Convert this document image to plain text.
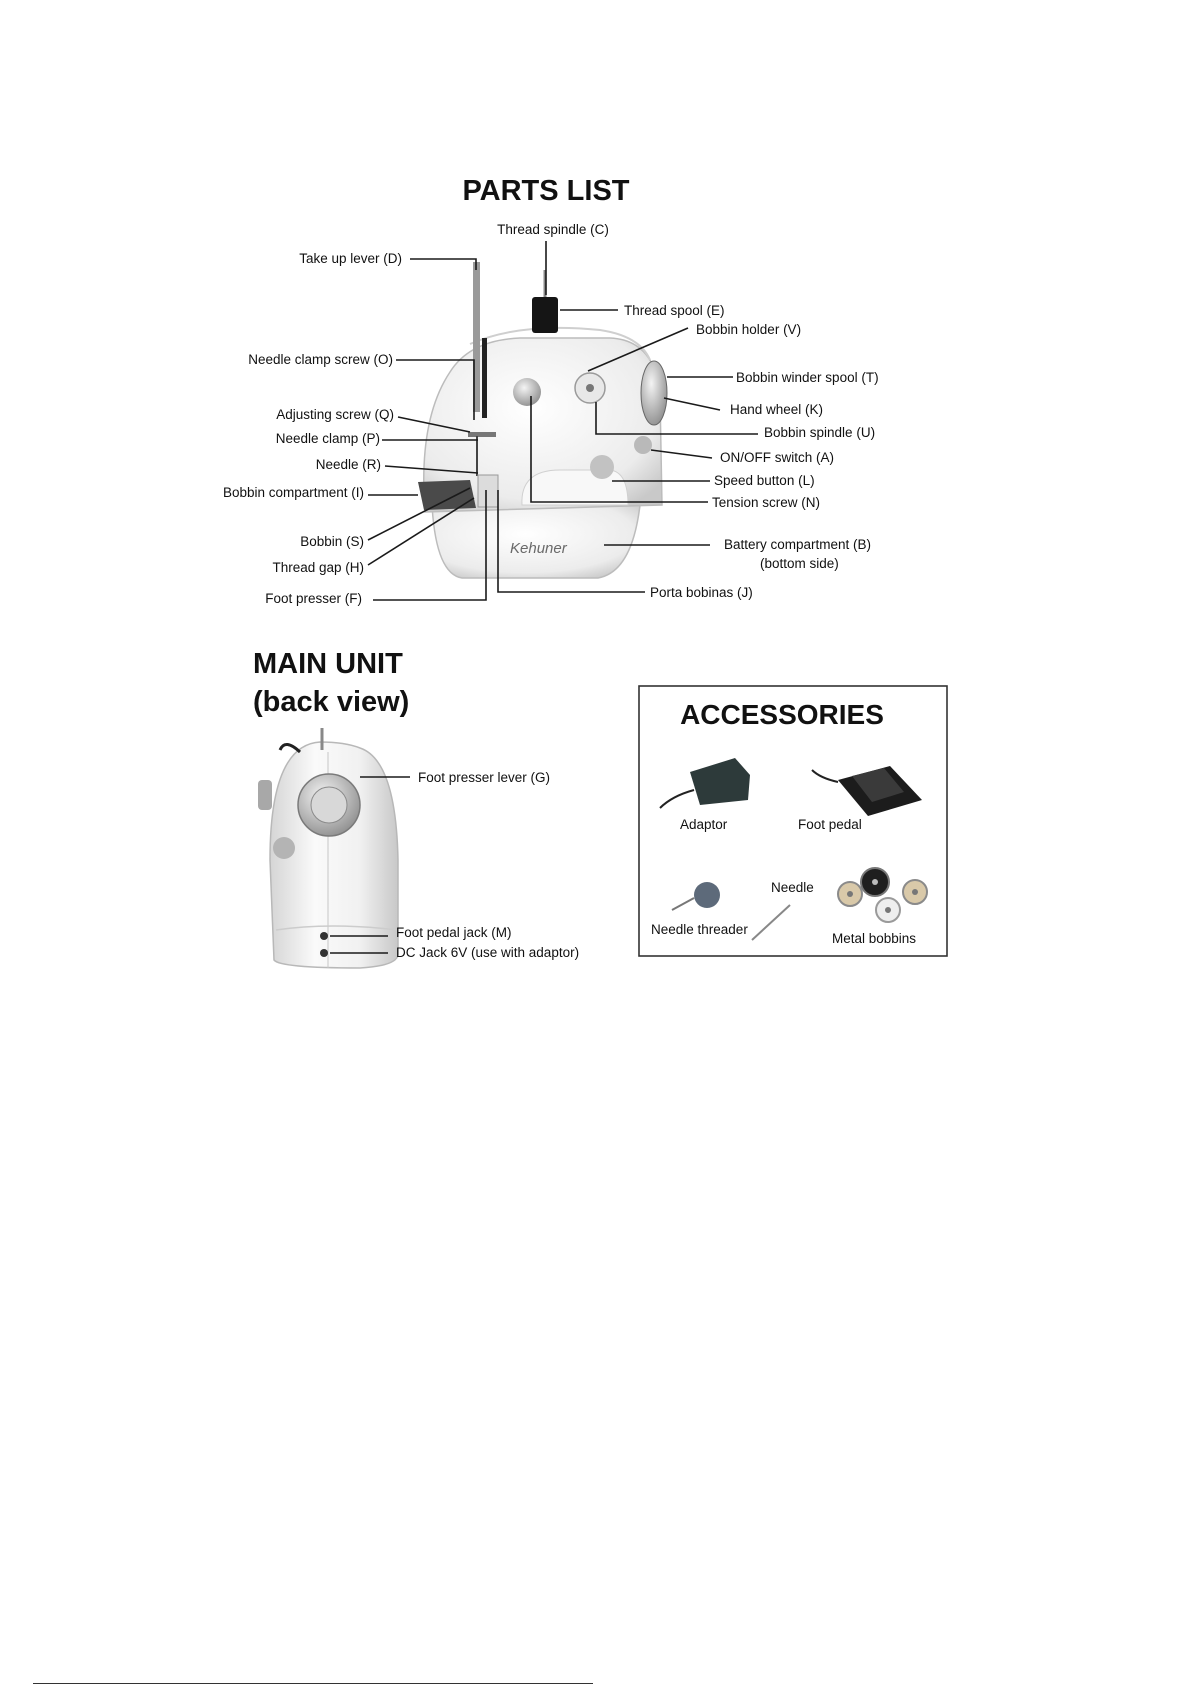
PARTS LIST
Kehuner
Thread spindle (C)
Take up lever (D)
Thread spool (E)
Bobbin holder (V)
Needle clamp screw (O)
Bobbin winder spool (T)
Adjusting screw (Q)	Hand wheel (K)
Needle clamp (P)	Bobbin spindle (U)
Needle (R)	ON/OFF switch (A)
Speed button (L)
Bobbin compartment (I)
Tension screw (N)
Bobbin (S)	Battery compartment (B)
(bottom side)
Thread gap (H)
Foot presser (F)	Porta bobinas (J)
MAIN UNIT
(back view)
Foot presser lever (G)
Foot pedal jack (M)
DC Jack 6V (use with adaptor)
ACCESSORIES
Adaptor	Foot pedal
Needle
Needle threader
Metal bobbins
